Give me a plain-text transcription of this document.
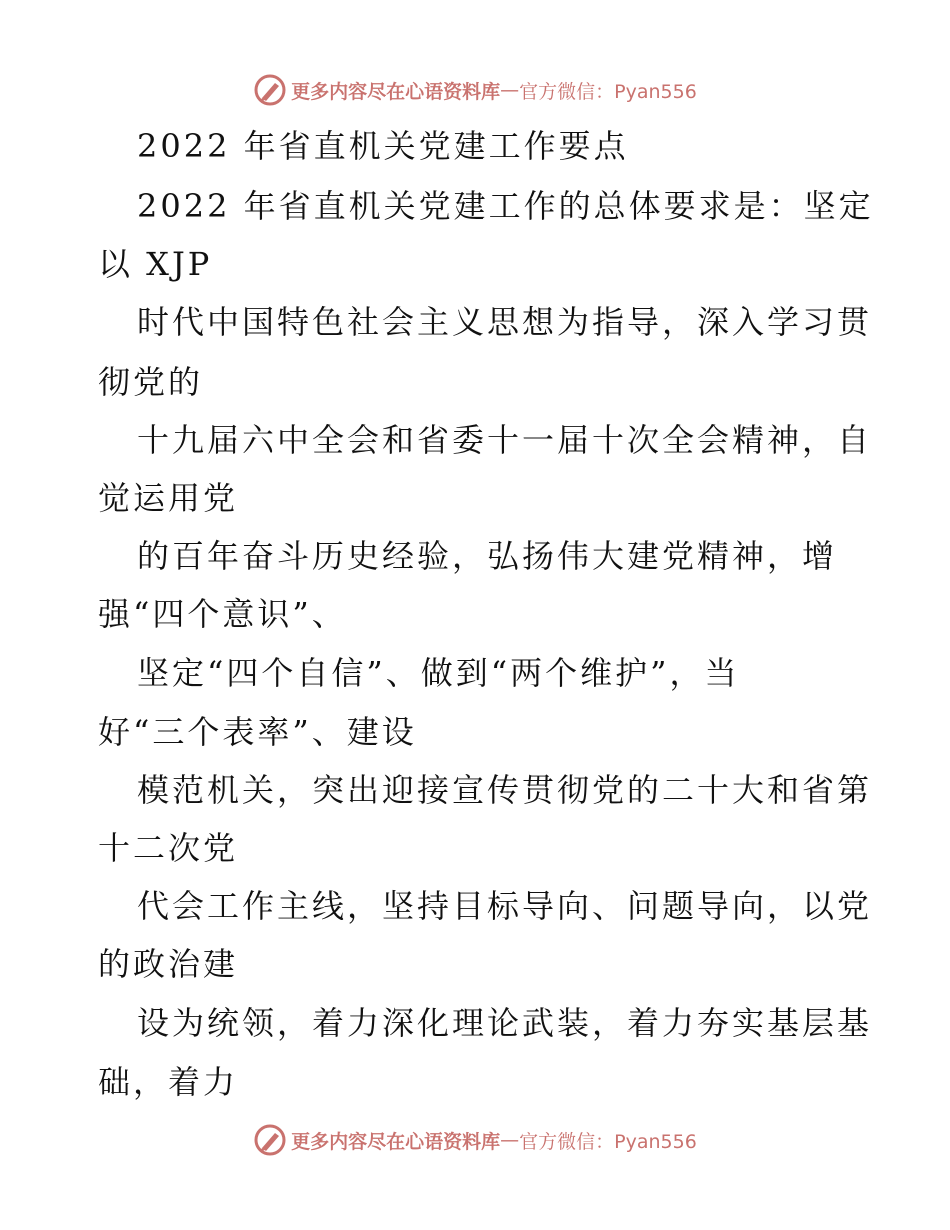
更多内容尽在心语资料库 — 官方微信：Pyan556
2022 年省直机关党建工作要点
2022 年省直机关党建工作的总体要求是：坚定
以 XJP
时代中国特色社会主义思想为指导，深入学习贯
彻党的
十九届六中全会和省委十一届十次全会精神，自
觉运用党
的百年奋斗历史经验，弘扬伟大建党精神，增
强“四个意识”、
坚定“四个自信”、做到“两个维护”，当
好“三个表率”、建设
模范机关，突出迎接宣传贯彻党的二十大和省第
十二次党
代会工作主线，坚持目标导向、问题导向，以党
的政治建
设为统领，着力深化理论武装，着力夯实基层基
础，着力
更多内容尽在心语资料库 — 官方微信：Pyan556
